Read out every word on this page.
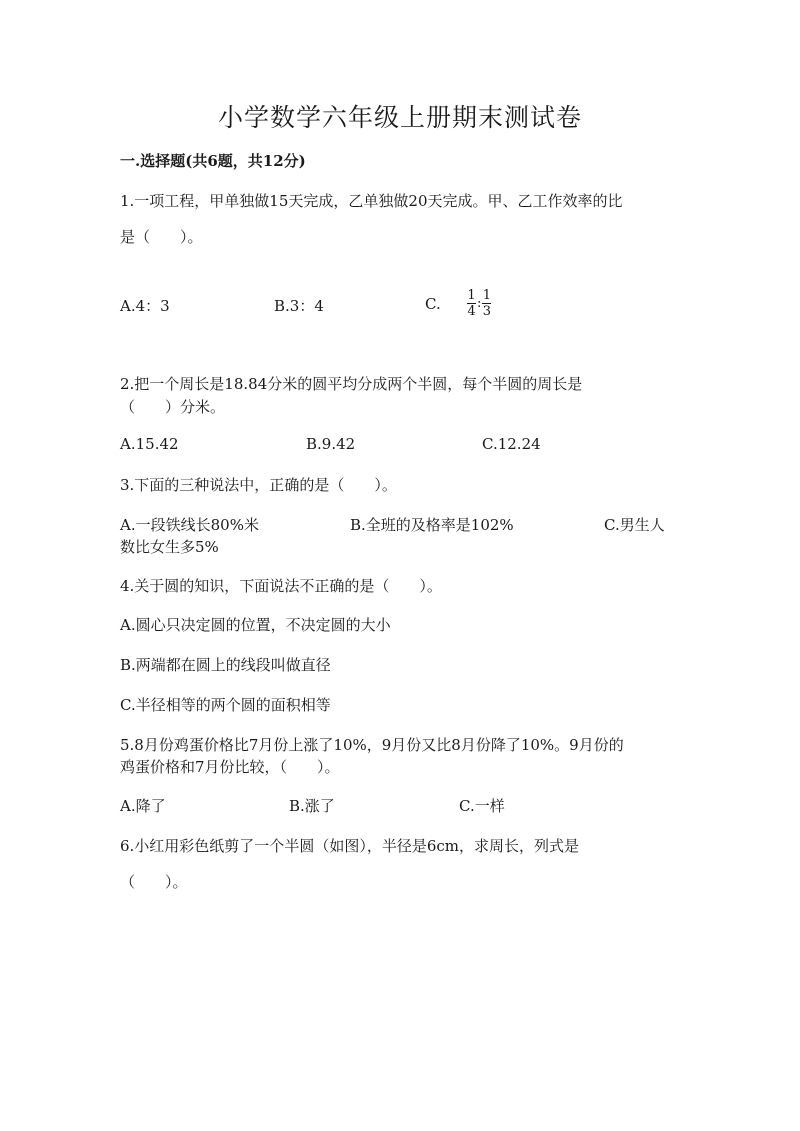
小学数学六年级上册期末测试卷
一.选择题(共6题，共12分)
1.一项工程，甲单独做15天完成，乙单独做20天完成。甲、乙工作效率的比
是（　　）。
A.4：3	B.3：4	C. $\frac{1}{4}$ : $\frac{1}{3}$
2.把一个周长是18.84分米的圆平均分成两个半圆，每个半圆的周长是
（　　）分米。
A.15.42	B.9.42	C.12.24
3.下面的三种说法中，正确的是（　　）。
A.一段铁线长80%米	B.全班的及格率是102%	C.男生人
数比女生多5%
4.关于圆的知识，下面说法不正确的是（　　）。
A.圆心只决定圆的位置，不决定圆的大小
B.两端都在圆上的线段叫做直径
C.半径相等的两个圆的面积相等
5.8月份鸡蛋价格比7月份上涨了10%，9月份又比8月份降了10%。9月份的
鸡蛋价格和7月份比较，（　　）。
A.降了	B.涨了	C.一样
6.小红用彩色纸剪了一个半圆（如图），半径是6cm，求周长，列式是
（　　）。
